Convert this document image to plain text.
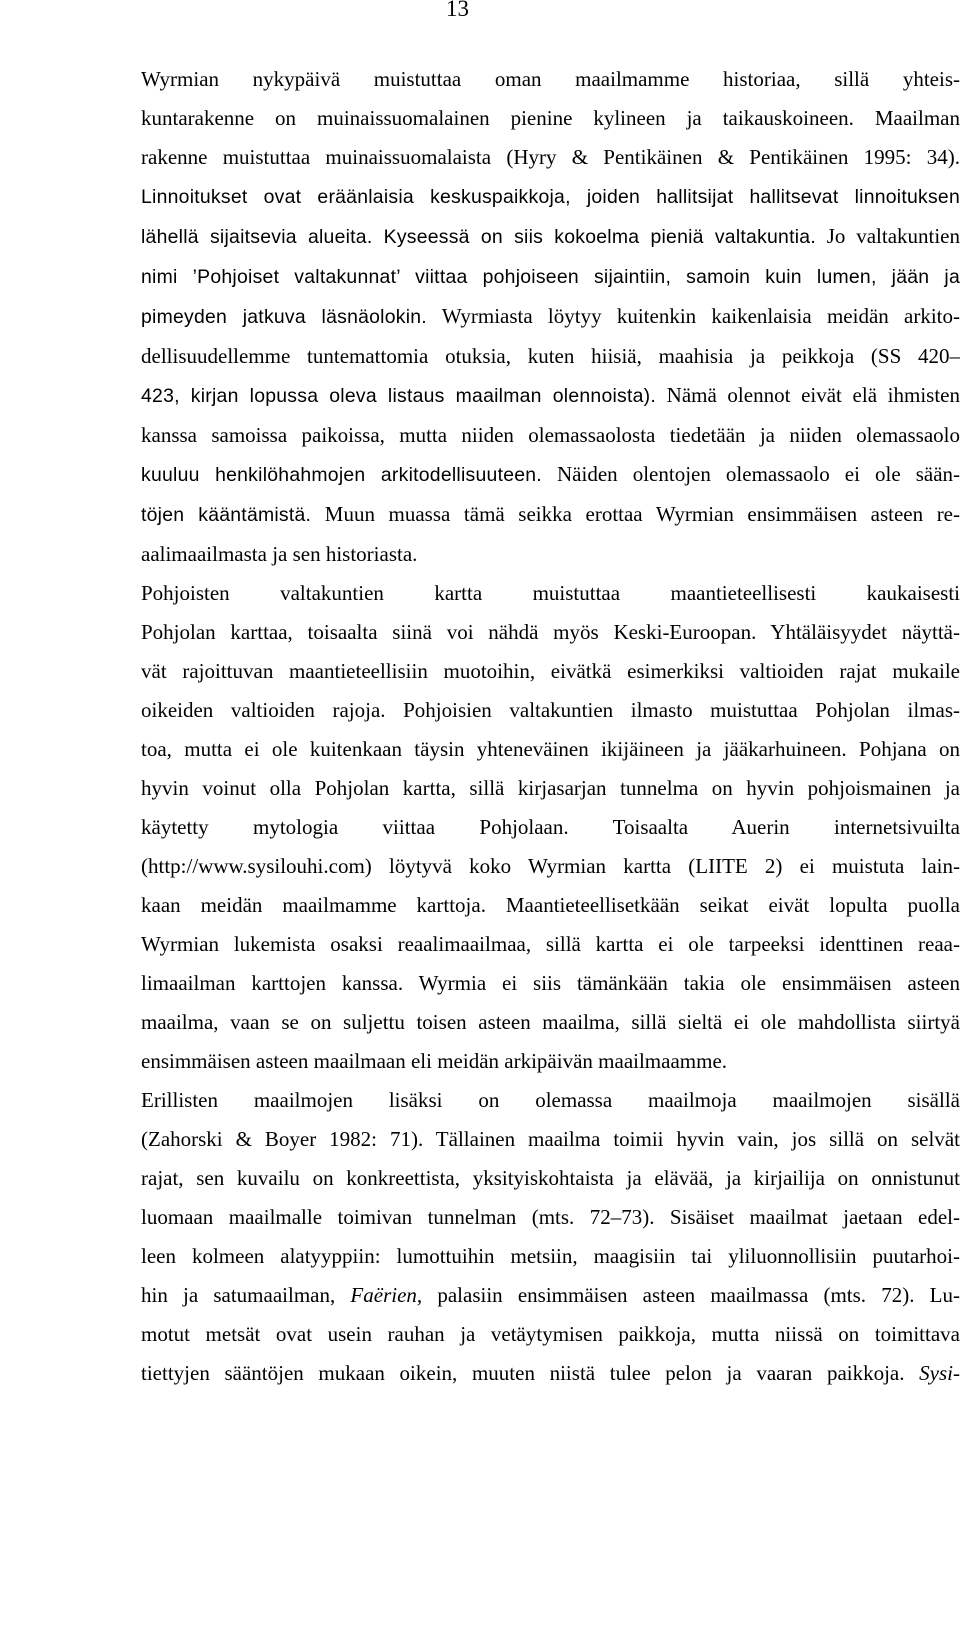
13

Wyrmian nykypäivä muistuttaa oman maailmamme historiaa, sillä yhteis-
kuntarakenne on muinaissuomalainen pienine kylineen ja taikauskoineen. Maailman
rakenne muistuttaa muinaissuomalaista (Hyry & Pentikäinen & Pentikäinen 1995: 34).
Linnoitukset ovat eräänlaisia keskuspaikkoja, joiden hallitsijat hallitsevat linnoituksen
lähellä sijaitsevia alueita. Kyseessä on siis kokoelma pieniä valtakuntia. Jo valtakuntien
nimi ’Pohjoiset valtakunnat’ viittaa pohjoiseen sijaintiin, samoin kuin lumen, jään ja
pimeyden jatkuva läsnäolokin. Wyrmiasta löytyy kuitenkin kaikenlaisia meidän arkito-
dellisuudellemme tuntemattomia otuksia, kuten hiisiä, maahisia ja peikkoja (SS 420–
423, kirjan lopussa oleva listaus maailman olennoista). Nämä olennot eivät elä ihmisten
kanssa samoissa paikoissa, mutta niiden olemassaolosta tiedetään ja niiden olemassaolo
kuuluu henkilöhahmojen arkitodellisuuteen. Näiden olentojen olemassaolo ei ole sään-
töjen kääntämistä. Muun muassa tämä seikka erottaa Wyrmian ensimmäisen asteen re-
aalimaailmasta ja sen historiasta.

Pohjoisten valtakuntien kartta muistuttaa maantieteellisesti kaukaisesti
Pohjolan karttaa, toisaalta siinä voi nähdä myös Keski-Euroopan. Yhtäläisyydet näyttä-
vät rajoittuvan maantieteellisiin muotoihin, eivätkä esimerkiksi valtioiden rajat mukaile
oikeiden valtioiden rajoja. Pohjoisien valtakuntien ilmasto muistuttaa Pohjolan ilmas-
toa, mutta ei ole kuitenkaan täysin yhteneväinen ikijäineen ja jääkarhuineen. Pohjana on
hyvin voinut olla Pohjolan kartta, sillä kirjasarjan tunnelma on hyvin pohjoismainen ja
käytetty mytologia viittaa Pohjolaan. Toisaalta Auerin internetsivuilta
(http://www.sysilouhi.com) löytyvä koko Wyrmian kartta (LIITE 2) ei muistuta lain-
kaan meidän maailmamme karttoja. Maantieteellisetkään seikat eivät lopulta puolla
Wyrmian lukemista osaksi reaalimaailmaa, sillä kartta ei ole tarpeeksi identtinen reaa-
limaailman karttojen kanssa. Wyrmia ei siis tämänkään takia ole ensimmäisen asteen
maailma, vaan se on suljettu toisen asteen maailma, sillä sieltä ei ole mahdollista siirtyä
ensimmäisen asteen maailmaan eli meidän arkipäivän maailmaamme.

Erillisten maailmojen lisäksi on olemassa maailmoja maailmojen sisällä
(Zahorski & Boyer 1982: 71). Tällainen maailma toimii hyvin vain, jos sillä on selvät
rajat, sen kuvailu on konkreettista, yksityiskohtaista ja elävää, ja kirjailija on onnistunut
luomaan maailmalle toimivan tunnelman (mts. 72–73). Sisäiset maailmat jaetaan edel-
leen kolmeen alatyyppiin: lumottuihin metsiin, maagisiin tai yliluonnollisiin puutarhoi-
hin ja satumaailman, Faërien, palasiin ensimmäisen asteen maailmassa (mts. 72). Lu-
motut metsät ovat usein rauhan ja vetäytymisen paikkoja, mutta niissä on toimittava
tiettyjen sääntöjen mukaan oikein, muuten niistä tulee pelon ja vaaran paikkoja. Sysi-
